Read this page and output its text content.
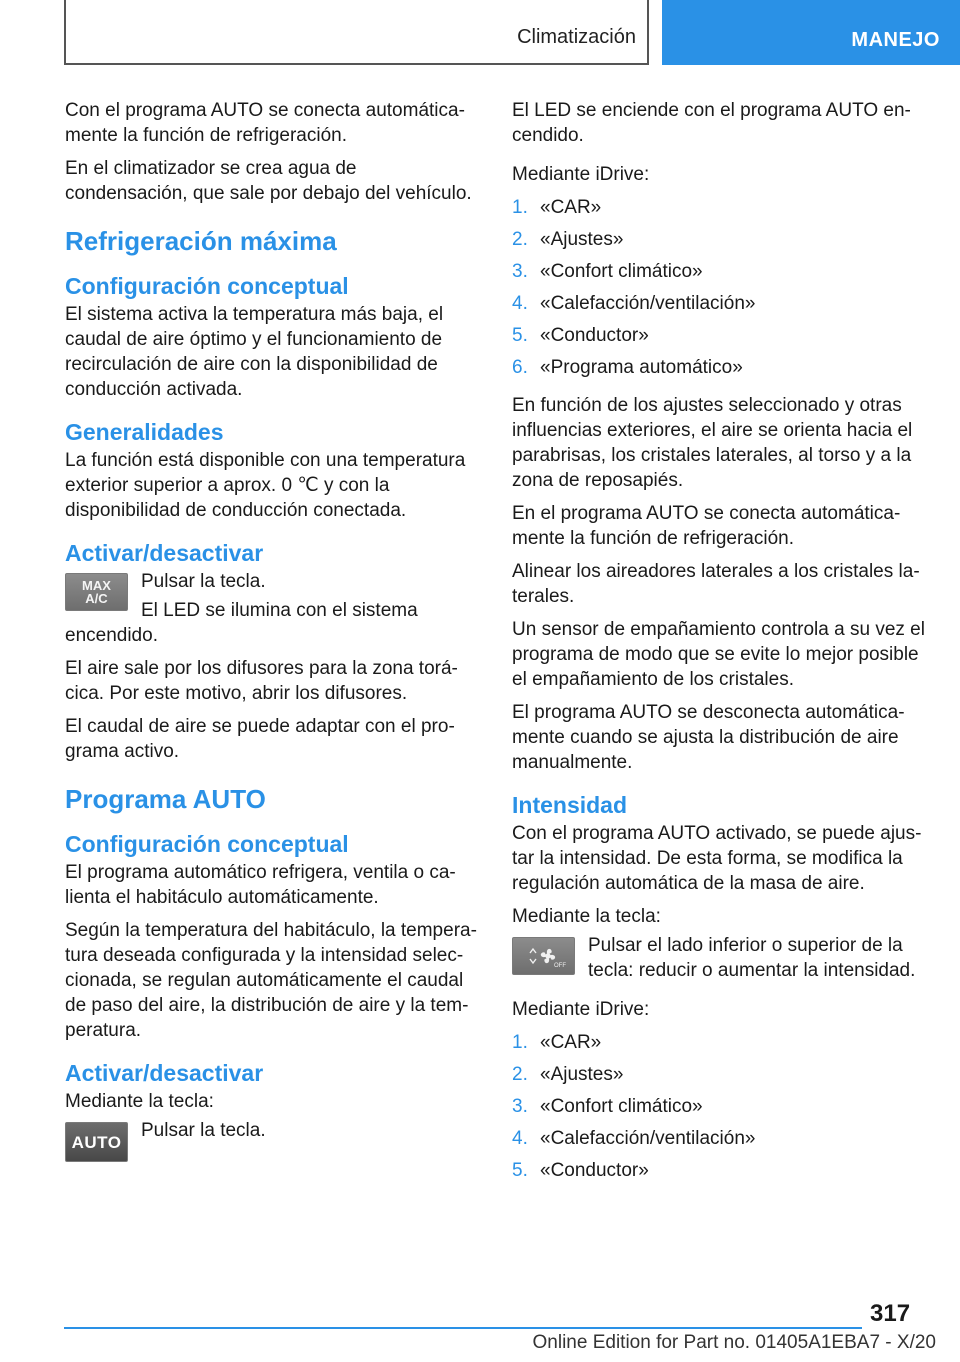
Climatización	MANEJO

Con el programa AUTO se conecta automáticamente la función de refrigeración.

En el climatizador se crea agua de condensación, que sale por debajo del vehículo.

Refrigeración máxima
Configuración conceptual

El sistema activa la temperatura más baja, el caudal de aire óptimo y el funcionamiento de recirculación de aire con la disponibilidad de conducción activada.

Generalidades

La función está disponible con una temperatura exterior superior a aprox. 0 ℃ y con la disponibilidad de conducción conectada.

Activar/desactivar
MAX
A/C

Pulsar la tecla.

El LED se ilumina con el sistema encendido.

El aire sale por los difusores para la zona torácica. Por este motivo, abrir los difusores.

El caudal de aire se puede adaptar con el programa activo.

Programa AUTO
Configuración conceptual

El programa automático refrigera, ventila o calienta el habitáculo automáticamente.

Según la temperatura del habitáculo, la temperatura deseada configurada y la intensidad seleccionada, se regulan automáticamente el caudal de paso del aire, la distribución de aire y la temperatura.

Activar/desactivar

Mediante la tecla:

AUTO

Pulsar la tecla.

El LED se enciende con el programa AUTO encendido.

Mediante iDrive:

1. «CAR»
2. «Ajustes»
3. «Confort climático»
4. «Calefacción/ventilación»
5. «Conductor»
6. «Programa automático»

En función de los ajustes seleccionado y otras influencias exteriores, el aire se orienta hacia el parabrisas, los cristales laterales, al torso y a la zona de reposapiés.

En el programa AUTO se conecta automáticamente la función de refrigeración.

Alinear los aireadores laterales a los cristales laterales.

Un sensor de empañamiento controla a su vez el programa de modo que se evite lo mejor posible el empañamiento de los cristales.

El programa AUTO se desconecta automáticamente cuando se ajusta la distribución de aire manualmente.

Intensidad

Con el programa AUTO activado, se puede ajustar la intensidad. De esta forma, se modifica la regulación automática de la masa de aire.

Mediante la tecla:

OFF

Pulsar el lado inferior o superior de la tecla: reducir o aumentar la intensidad.

Mediante iDrive:

1. «CAR»
2. «Ajustes»
3. «Confort climático»
4. «Calefacción/ventilación»
5. «Conductor»
317
Online Edition for Part no. 01405A1EBA7 - X/20
